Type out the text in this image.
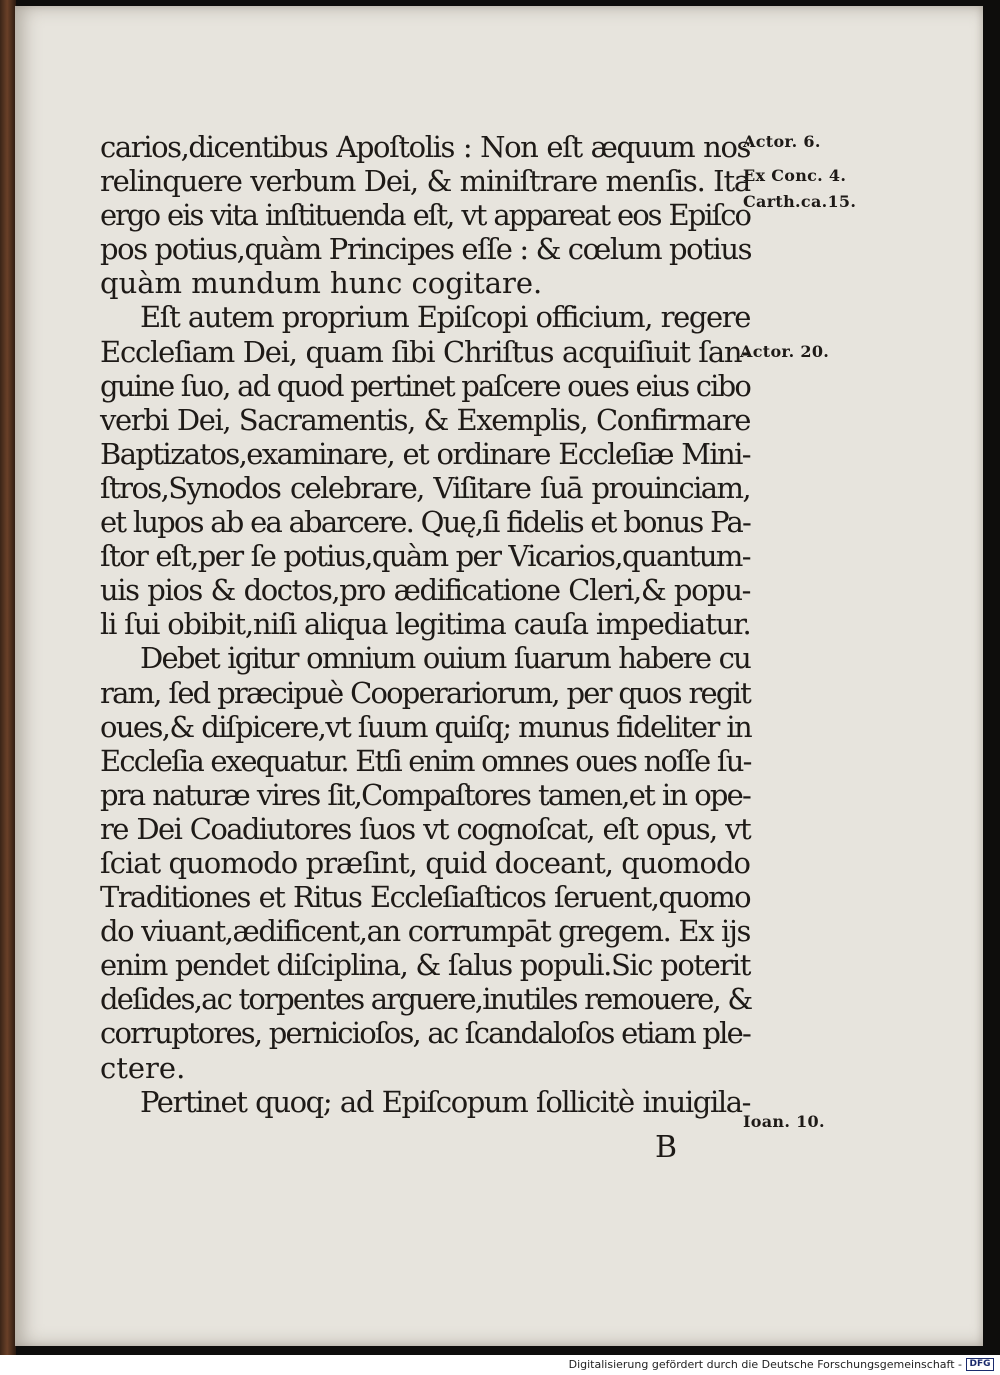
carios,dicentibus Apoſtolis : Non eſt æquum nos
relinquere verbum Dei, & miniſtrare menſis. Ita
ergo eis vita inſtituenda eſt, vt appareat eos Epiſco
pos potius,quàm Principes eſſe : & cœlum potius
quàm mundum hunc cogitare.
Eſt autem proprium Epiſcopi officium, regere
Eccleſiam Dei, quam ſibi Chriſtus acquiſiuit ſan-
guine ſuo, ad quod pertinet paſcere oues eius cibo
verbi Dei, Sacramentis, & Exemplis, Confirmare
Baptizatos,examinare, et ordinare Eccleſiæ Mini-
ſtros,Synodos celebrare, Viſitare ſuā prouinciam,
et lupos ab ea abarcere. Quę,ſi fidelis et bonus Pa-
ſtor eſt,per ſe potius,quàm per Vicarios,quantum-
uis pios & doctos,pro ædificatione Cleri,& popu-
li ſui obibit,niſi aliqua legitima cauſa impediatur.
Debet igitur omnium ouium ſuarum habere cu
ram, ſed præcipuè Cooperariorum, per quos regit
oues,& diſpicere,vt ſuum quiſq; munus fideliter in
Eccleſia exequatur. Etſi enim omnes oues noſſe ſu-
pra naturæ vires ſit,Compaſtores tamen,et in ope-
re Dei Coadiutores ſuos vt cognoſcat, eſt opus, vt
ſciat quomodo præſint, quid doceant, quomodo
Traditiones et Ritus Eccleſiaſticos ſeruent,quomo
do viuant,ædificent,an corrumpāt gregem. Ex ijs
enim pendet diſciplina, & ſalus populi.Sic poterit
deſides,ac torpentes arguere,inutiles remouere, &
corruptores, pernicioſos, ac ſcandaloſos etiam ple-
ctere.
Pertinet quoq; ad Epiſcopum ſollicitè inuigila-
Actor. 6.
Ex Conc. 4.
Carth.ca.15.
Actor. 20.
Ioan. 10.
B
Digitalisierung gefördert durch die Deutsche Forschungsgemeinschaft - DFG
